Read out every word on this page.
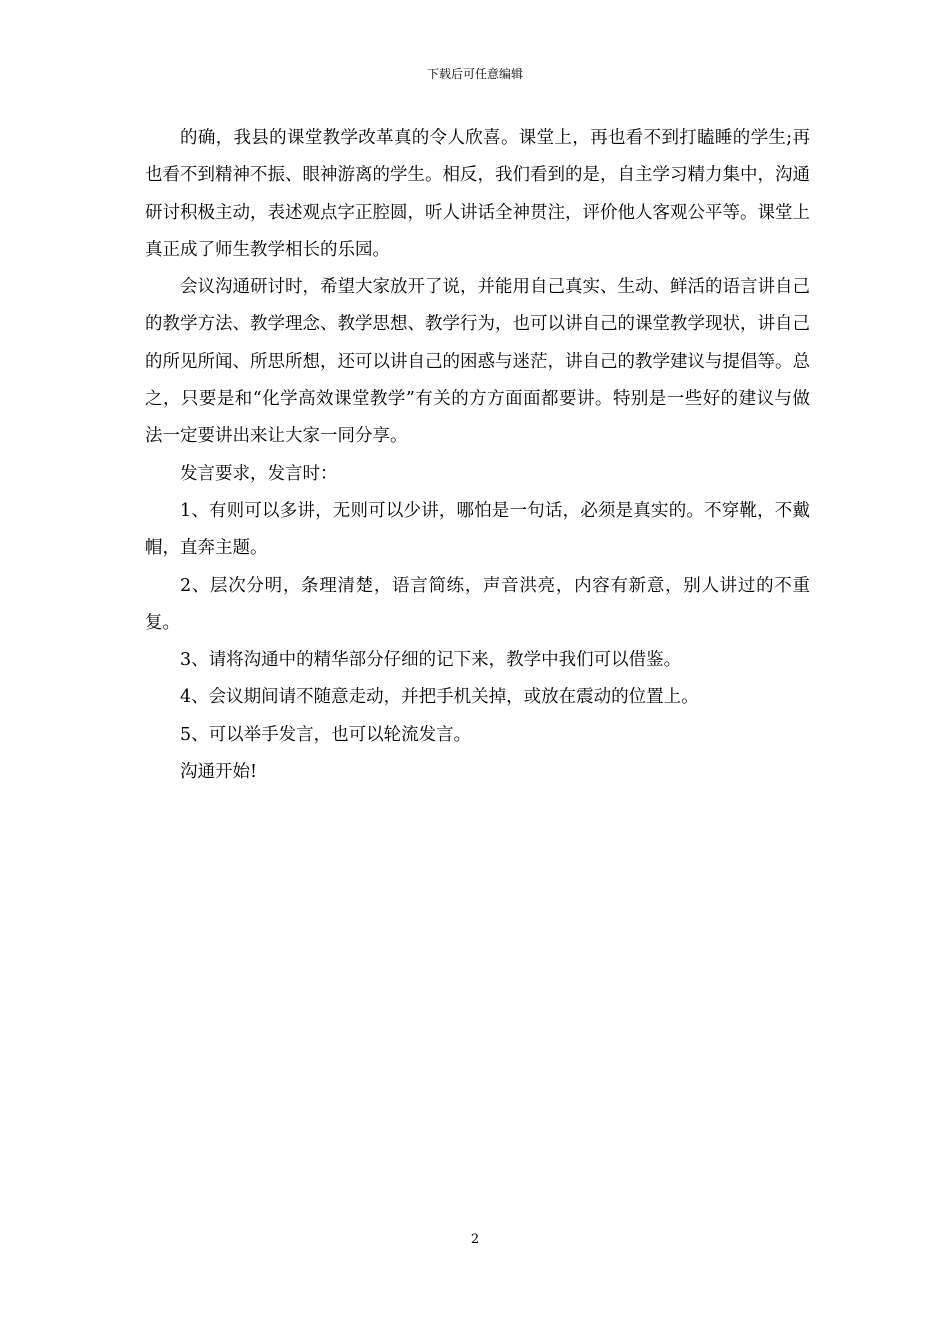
下载后可任意编辑

的确，我县的课堂教学改革真的令人欣喜。课堂上，再也看不到打瞌睡的学生;再也看不到精神不振、眼神游离的学生。相反，我们看到的是，自主学习精力集中，沟通研讨积极主动，表述观点字正腔圆，听人讲话全神贯注，评价他人客观公平等。课堂上真正成了师生教学相长的乐园。

会议沟通研讨时，希望大家放开了说，并能用自己真实、生动、鲜活的语言讲自己的教学方法、教学理念、教学思想、教学行为，也可以讲自己的课堂教学现状，讲自己的所见所闻、所思所想，还可以讲自己的困惑与迷茫，讲自己的教学建议与提倡等。总之，只要是和“化学高效课堂教学”有关的方方面面都要讲。特别是一些好的建议与做法一定要讲出来让大家一同分享。

发言要求，发言时：

1、有则可以多讲，无则可以少讲，哪怕是一句话，必须是真实的。不穿靴，不戴帽，直奔主题。

2、层次分明，条理清楚，语言简练，声音洪亮，内容有新意，别人讲过的不重复。

3、请将沟通中的精华部分仔细的记下来，教学中我们可以借鉴。

4、会议期间请不随意走动，并把手机关掉，或放在震动的位置上。

5、可以举手发言，也可以轮流发言。

沟通开始!

2
